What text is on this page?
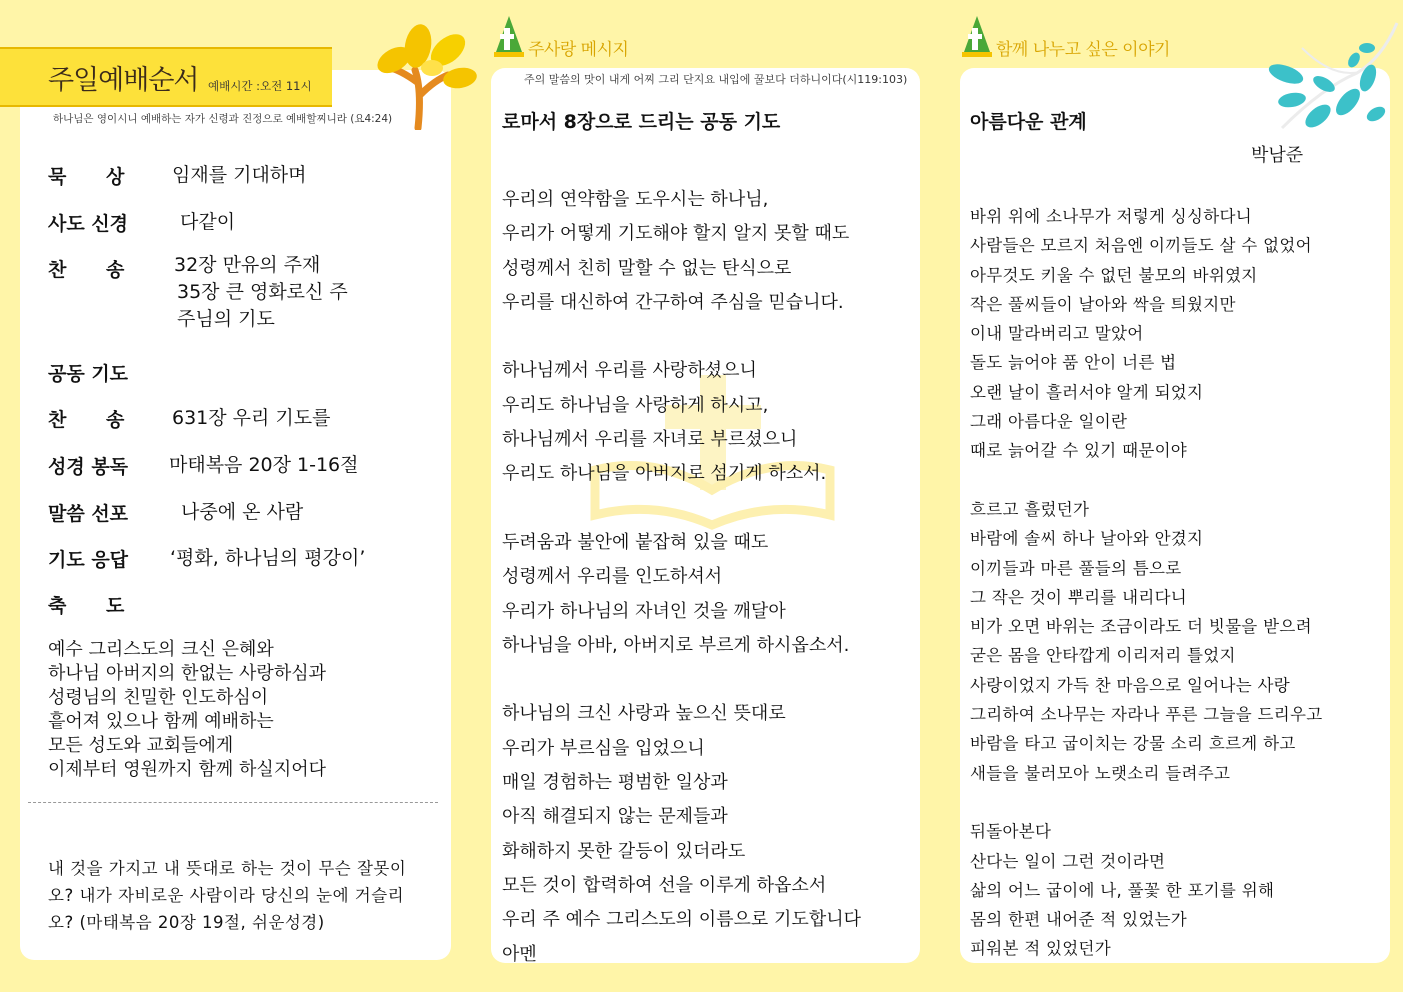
주일예배순서 예배시간 :오전 11시
하나님은 영이시니 예배하는 자가 신령과 진정으로 예배할찌니라 (요4:24)
묵      상	임재를 기대하며
사도 신경	다같이
찬      송	32장 만유의 주재
35장 큰 영화로신 주
주님의 기도
공동 기도
찬      송	631장 우리 기도를
성경 봉독	마태복음 20장 1-16절
말씀 선포	나중에 온 사람
기도 응답	‘평화, 하나님의 평강이’
축      도
예수 그리스도의 크신 은혜와
하나님 아버지의 한없는 사랑하심과
성령님의 친밀한 인도하심이
흩어져 있으나 함께 예배하는
모든 성도와 교회들에게
이제부터 영원까지 함께 하실지어다
내 것을 가지고 내 뜻대로 하는 것이 무슨 잘못이오? 내가 자비로운 사람이라 당신의 눈에 거슬리오? (마태복음 20장 19절, 쉬운성경)
주사랑 메시지
주의 말씀의 맛이 내게 어찌 그리 단지요 내입에 꿀보다 더하니이다(시119:103)
로마서 8장으로 드리는 공동 기도
우리의 연약함을 도우시는 하나님,
우리가 어떻게 기도해야 할지 알지 못할 때도
성령께서 친히 말할 수 없는 탄식으로
우리를 대신하여 간구하여 주심을 믿습니다.
하나님께서 우리를 사랑하셨으니
우리도 하나님을 사랑하게 하시고,
하나님께서 우리를 자녀로 부르셨으니
우리도 하나님을 아버지로 섬기게 하소서.
두려움과 불안에 붙잡혀 있을 때도
성령께서 우리를 인도하셔서
우리가 하나님의 자녀인 것을 깨달아
하나님을 아바, 아버지로 부르게 하시옵소서.
하나님의 크신 사랑과 높으신 뜻대로
우리가 부르심을 입었으니
매일 경험하는 평범한 일상과
아직 해결되지 않는 문제들과
화해하지 못한 갈등이 있더라도
모든 것이 합력하여 선을 이루게 하옵소서
우리 주 예수 그리스도의 이름으로 기도합니다
아멘
함께 나누고 싶은 이야기
아름다운 관계
박남준
바위 위에 소나무가 저렇게 싱싱하다니
사람들은 모르지 처음엔 이끼들도 살 수 없었어
아무것도 키울 수 없던 불모의 바위였지
작은 풀씨들이 날아와 싹을 틔웠지만
이내 말라버리고 말았어
돌도 늙어야 품 안이 너른 법
오랜 날이 흘러서야 알게 되었지
그래 아름다운 일이란
때로 늙어갈 수 있기 때문이야
흐르고 흘렀던가
바람에 솔씨 하나 날아와 안겼지
이끼들과 마른 풀들의 틈으로
그 작은 것이 뿌리를 내리다니
비가 오면 바위는 조금이라도 더 빗물을 받으려
굳은 몸을 안타깝게 이리저리 틀었지
사랑이었지 가득 찬 마음으로 일어나는 사랑
그리하여 소나무는 자라나 푸른 그늘을 드리우고
바람을 타고 굽이치는 강물 소리 흐르게 하고
새들을 불러모아 노랫소리 들려주고
뒤돌아본다
산다는 일이 그런 것이라면
삶의 어느 굽이에 나, 풀꽃 한 포기를 위해
몸의 한편 내어준 적 있었는가
피워본 적 있었던가
